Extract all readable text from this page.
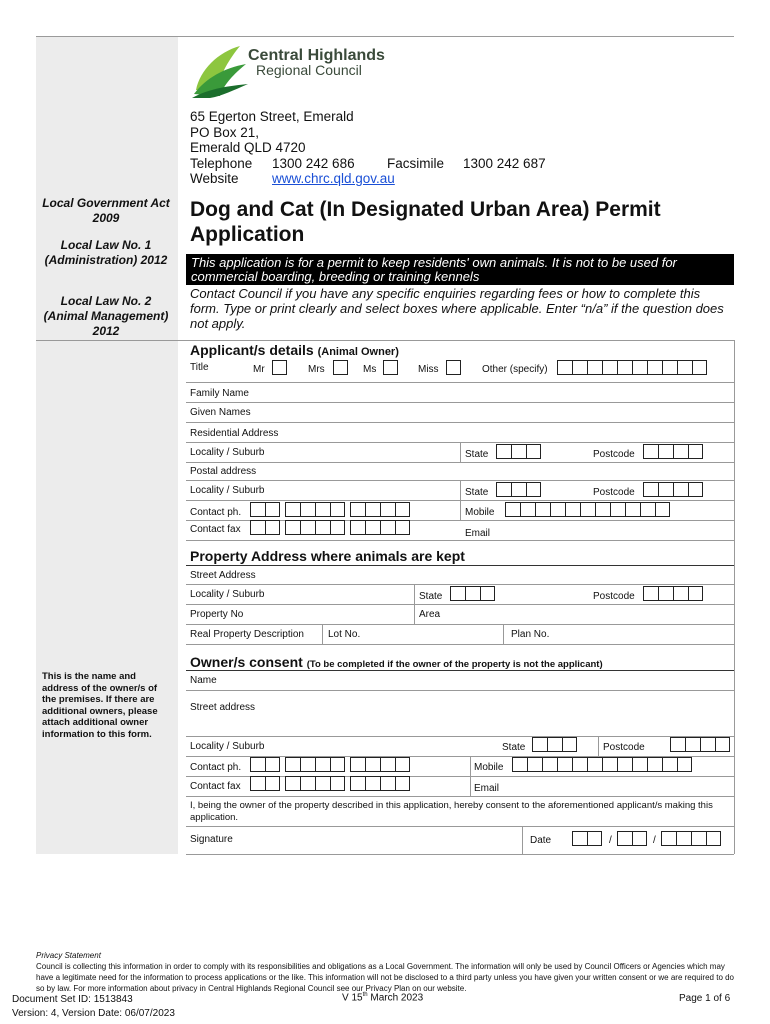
Central Highlands
Regional Council
65 Egerton Street, Emerald
PO Box 21,
Emerald QLD 4720
Telephone 1300 242 686 Facsimile 1300 242 687
Website www.chrc.qld.gov.au
Local Government Act 2009
Local Law No. 1 (Administration) 2012
Local Law No. 2 (Animal Management) 2012
Dog and Cat (In Designated Urban Area) Permit Application
This application is for a permit to keep residents' own animals. It is not to be used for commercial boarding, breeding or training kennels
Contact Council if you have any specific enquiries regarding fees or how to complete this form. Type or print clearly and select boxes where applicable. Enter “n/a” if the question does not apply.
Applicant/s details (Animal Owner)
Title	Mr	Mrs	Ms	Miss	Other (specify)
Family Name
Given Names
Residential Address
Locality / Suburb	State	Postcode
Postal address
Locality / Suburb	State	Postcode
Contact ph.	Mobile
Contact fax	Email
Property Address where animals are kept
Street Address
Locality / Suburb	State	Postcode
Property No	Area
Real Property Description Lot No.	Plan No.
This is the name and address of the owner/s of the premises. If there are additional owners, please attach additional owner information to this form.
Owner/s consent (To be completed if the owner of the property is not the applicant)
Name
Street address
Locality / Suburb	State	Postcode
Contact ph.	Mobile
Contact fax	Email
I, being the owner of the property described in this application, hereby consent to the aforementioned applicant/s making this application.
Signature	Date	/	/
Privacy Statement
Council is collecting this information in order to comply with its responsibilities and obligations as a Local Government. The information will only be used by Council Officers or Agencies which may have a legitimate need for the information to process applications or the like. This information will not be disclosed to a third party unless you have given your written consent or we are required to do so by law. For more information about privacy in Central Highlands Regional Council see our Privacy Plan on our website.
Document Set ID: 1513843
Version: 4, Version Date: 06/07/2023
V 15th March 2023	Page 1 of 6
